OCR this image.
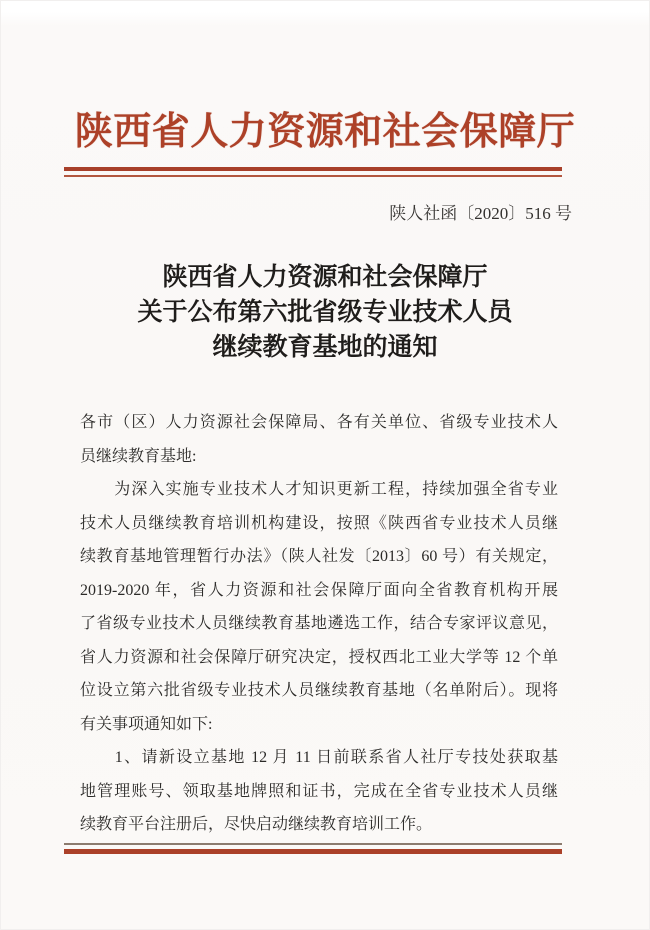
陕西省人力资源和社会保障厅
陕人社函〔2020〕516 号
陕西省人力资源和社会保障厅
关于公布第六批省级专业技术人员
继续教育基地的通知
各市（区）人力资源社会保障局、各有关单位、省级专业技术人
员继续教育基地:
　　为深入实施专业技术人才知识更新工程，持续加强全省专业
技术人员继续教育培训机构建设，按照《陕西省专业技术人员继
续教育基地管理暂行办法》（陕人社发〔2013〕60 号）有关规定，
2019-2020 年，省人力资源和社会保障厅面向全省教育机构开展
了省级专业技术人员继续教育基地遴选工作，结合专家评议意见，
省人力资源和社会保障厅研究决定，授权西北工业大学等 12 个单
位设立第六批省级专业技术人员继续教育基地（名单附后）。现将
有关事项通知如下:
　　1、请新设立基地 12 月 11 日前联系省人社厅专技处获取基
地管理账号、领取基地牌照和证书，完成在全省专业技术人员继
续教育平台注册后，尽快启动继续教育培训工作。
